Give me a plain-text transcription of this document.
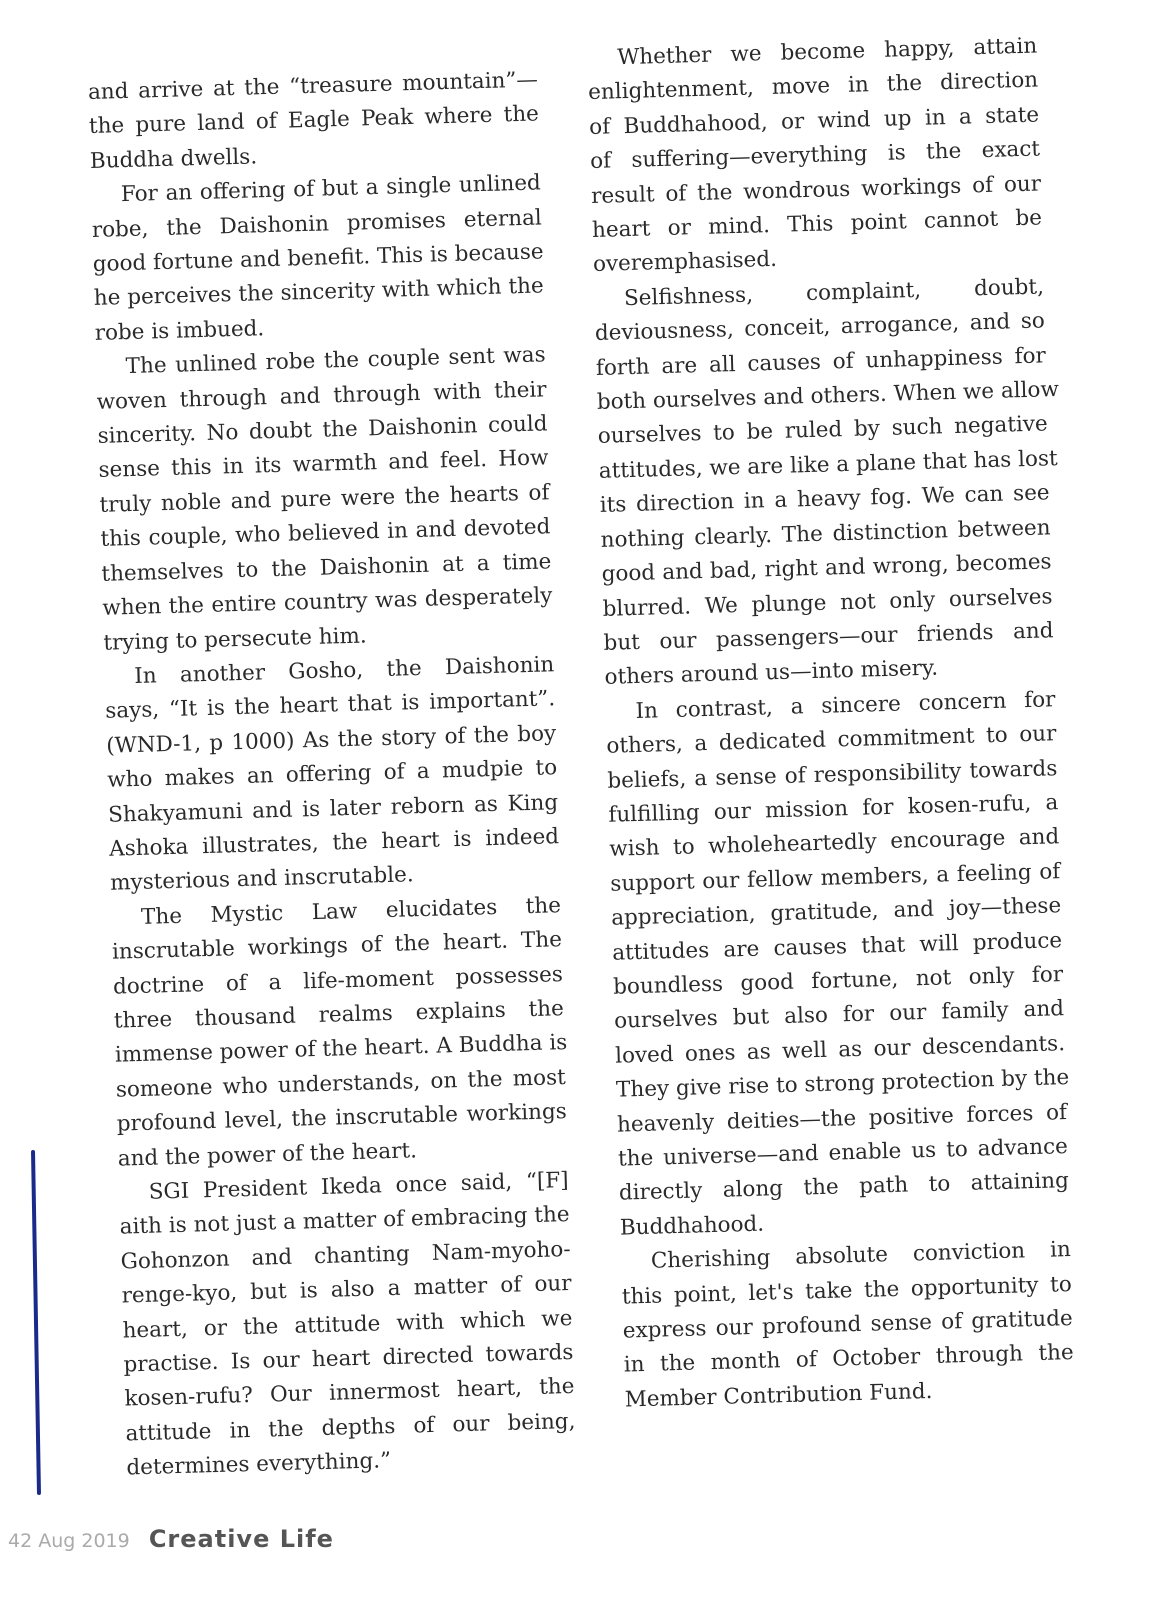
and arrive at the “treasure mountain”—
the pure land of Eagle Peak where the
Buddha dwells.
For an offering of but a single unlined
robe, the Daishonin promises eternal
good fortune and benefit. This is because
he perceives the sincerity with which the
robe is imbued.
The unlined robe the couple sent was
woven through and through with their
sincerity. No doubt the Daishonin could
sense this in its warmth and feel. How
truly noble and pure were the hearts of
this couple, who believed in and devoted
themselves to the Daishonin at a time
when the entire country was desperately
trying to persecute him.
In another Gosho, the Daishonin
says, “It is the heart that is important”.
(WND-1, p 1000) As the story of the boy
who makes an offering of a mudpie to
Shakyamuni and is later reborn as King
Ashoka illustrates, the heart is indeed
mysterious and inscrutable.
The Mystic Law elucidates the
inscrutable workings of the heart. The
doctrine of a life-moment possesses
three thousand realms explains the
immense power of the heart. A Buddha is
someone who understands, on the most
profound level, the inscrutable workings
and the power of the heart.
SGI President Ikeda once said, “[F]
aith is not just a matter of embracing the
Gohonzon and chanting Nam-myoho-
renge-kyo, but is also a matter of our
heart, or the attitude with which we
practise. Is our heart directed towards
kosen-rufu? Our innermost heart, the
attitude in the depths of our being,
determines everything.”
Whether we become happy, attain
enlightenment, move in the direction
of Buddhahood, or wind up in a state
of suffering—everything is the exact
result of the wondrous workings of our
heart or mind. This point cannot be
overemphasised.
Selfishness, complaint, doubt,
deviousness, conceit, arrogance, and so
forth are all causes of unhappiness for
both ourselves and others. When we allow
ourselves to be ruled by such negative
attitudes, we are like a plane that has lost
its direction in a heavy fog. We can see
nothing clearly. The distinction between
good and bad, right and wrong, becomes
blurred. We plunge not only ourselves
but our passengers—our friends and
others around us—into misery.
In contrast, a sincere concern for
others, a dedicated commitment to our
beliefs, a sense of responsibility towards
fulfilling our mission for kosen-rufu, a
wish to wholeheartedly encourage and
support our fellow members, a feeling of
appreciation, gratitude, and joy—these
attitudes are causes that will produce
boundless good fortune, not only for
ourselves but also for our family and
loved ones as well as our descendants.
They give rise to strong protection by the
heavenly deities—the positive forces of
the universe—and enable us to advance
directly along the path to attaining
Buddhahood.
Cherishing absolute conviction in
this point, let's take the opportunity to
express our profound sense of gratitude
in the month of October through the
Member Contribution Fund.
42 Aug 2019 Creative Life
